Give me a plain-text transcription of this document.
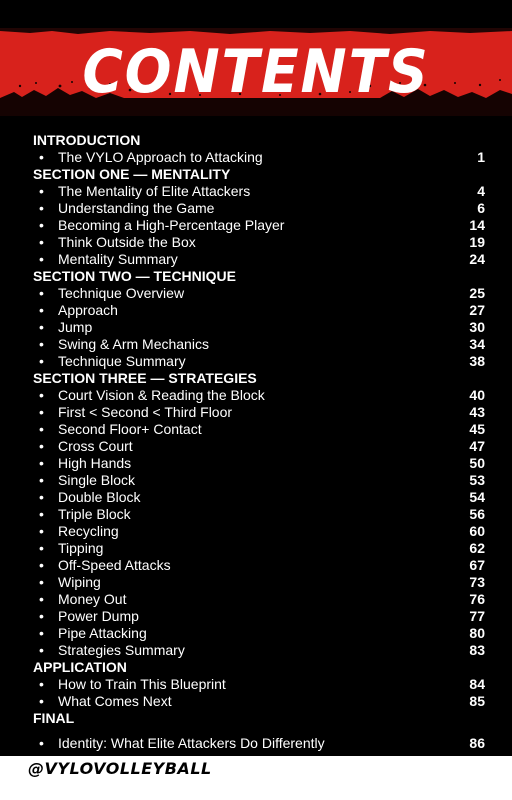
CONTENTS
INTRODUCTION
•	The VYLO Approach to Attacking	1
SECTION ONE — MENTALITY
•	The Mentality of Elite Attackers	4
•	Understanding the Game	6
•	Becoming a High-Percentage Player	14
•	Think Outside the Box	19
•	Mentality Summary	24
SECTION TWO — TECHNIQUE
•	Technique Overview	25
•	Approach	27
•	Jump	30
•	Swing & Arm Mechanics	34
•	Technique Summary	38
SECTION THREE — STRATEGIES
•	Court Vision & Reading the Block	40
•	First < Second < Third Floor	43
•	Second Floor+ Contact	45
•	Cross Court	47
•	High Hands	50
•	Single Block	53
•	Double Block	54
•	Triple Block	56
•	Recycling	60
•	Tipping	62
•	Off-Speed Attacks	67
•	Wiping	73
•	Money Out	76
•	Power Dump	77
•	Pipe Attacking	80
•	Strategies Summary	83
APPLICATION
•	How to Train This Blueprint	84
•	What Comes Next	85
FINAL
•	Identity: What Elite Attackers Do Differently	86
@VYLOVOLLEYBALL
